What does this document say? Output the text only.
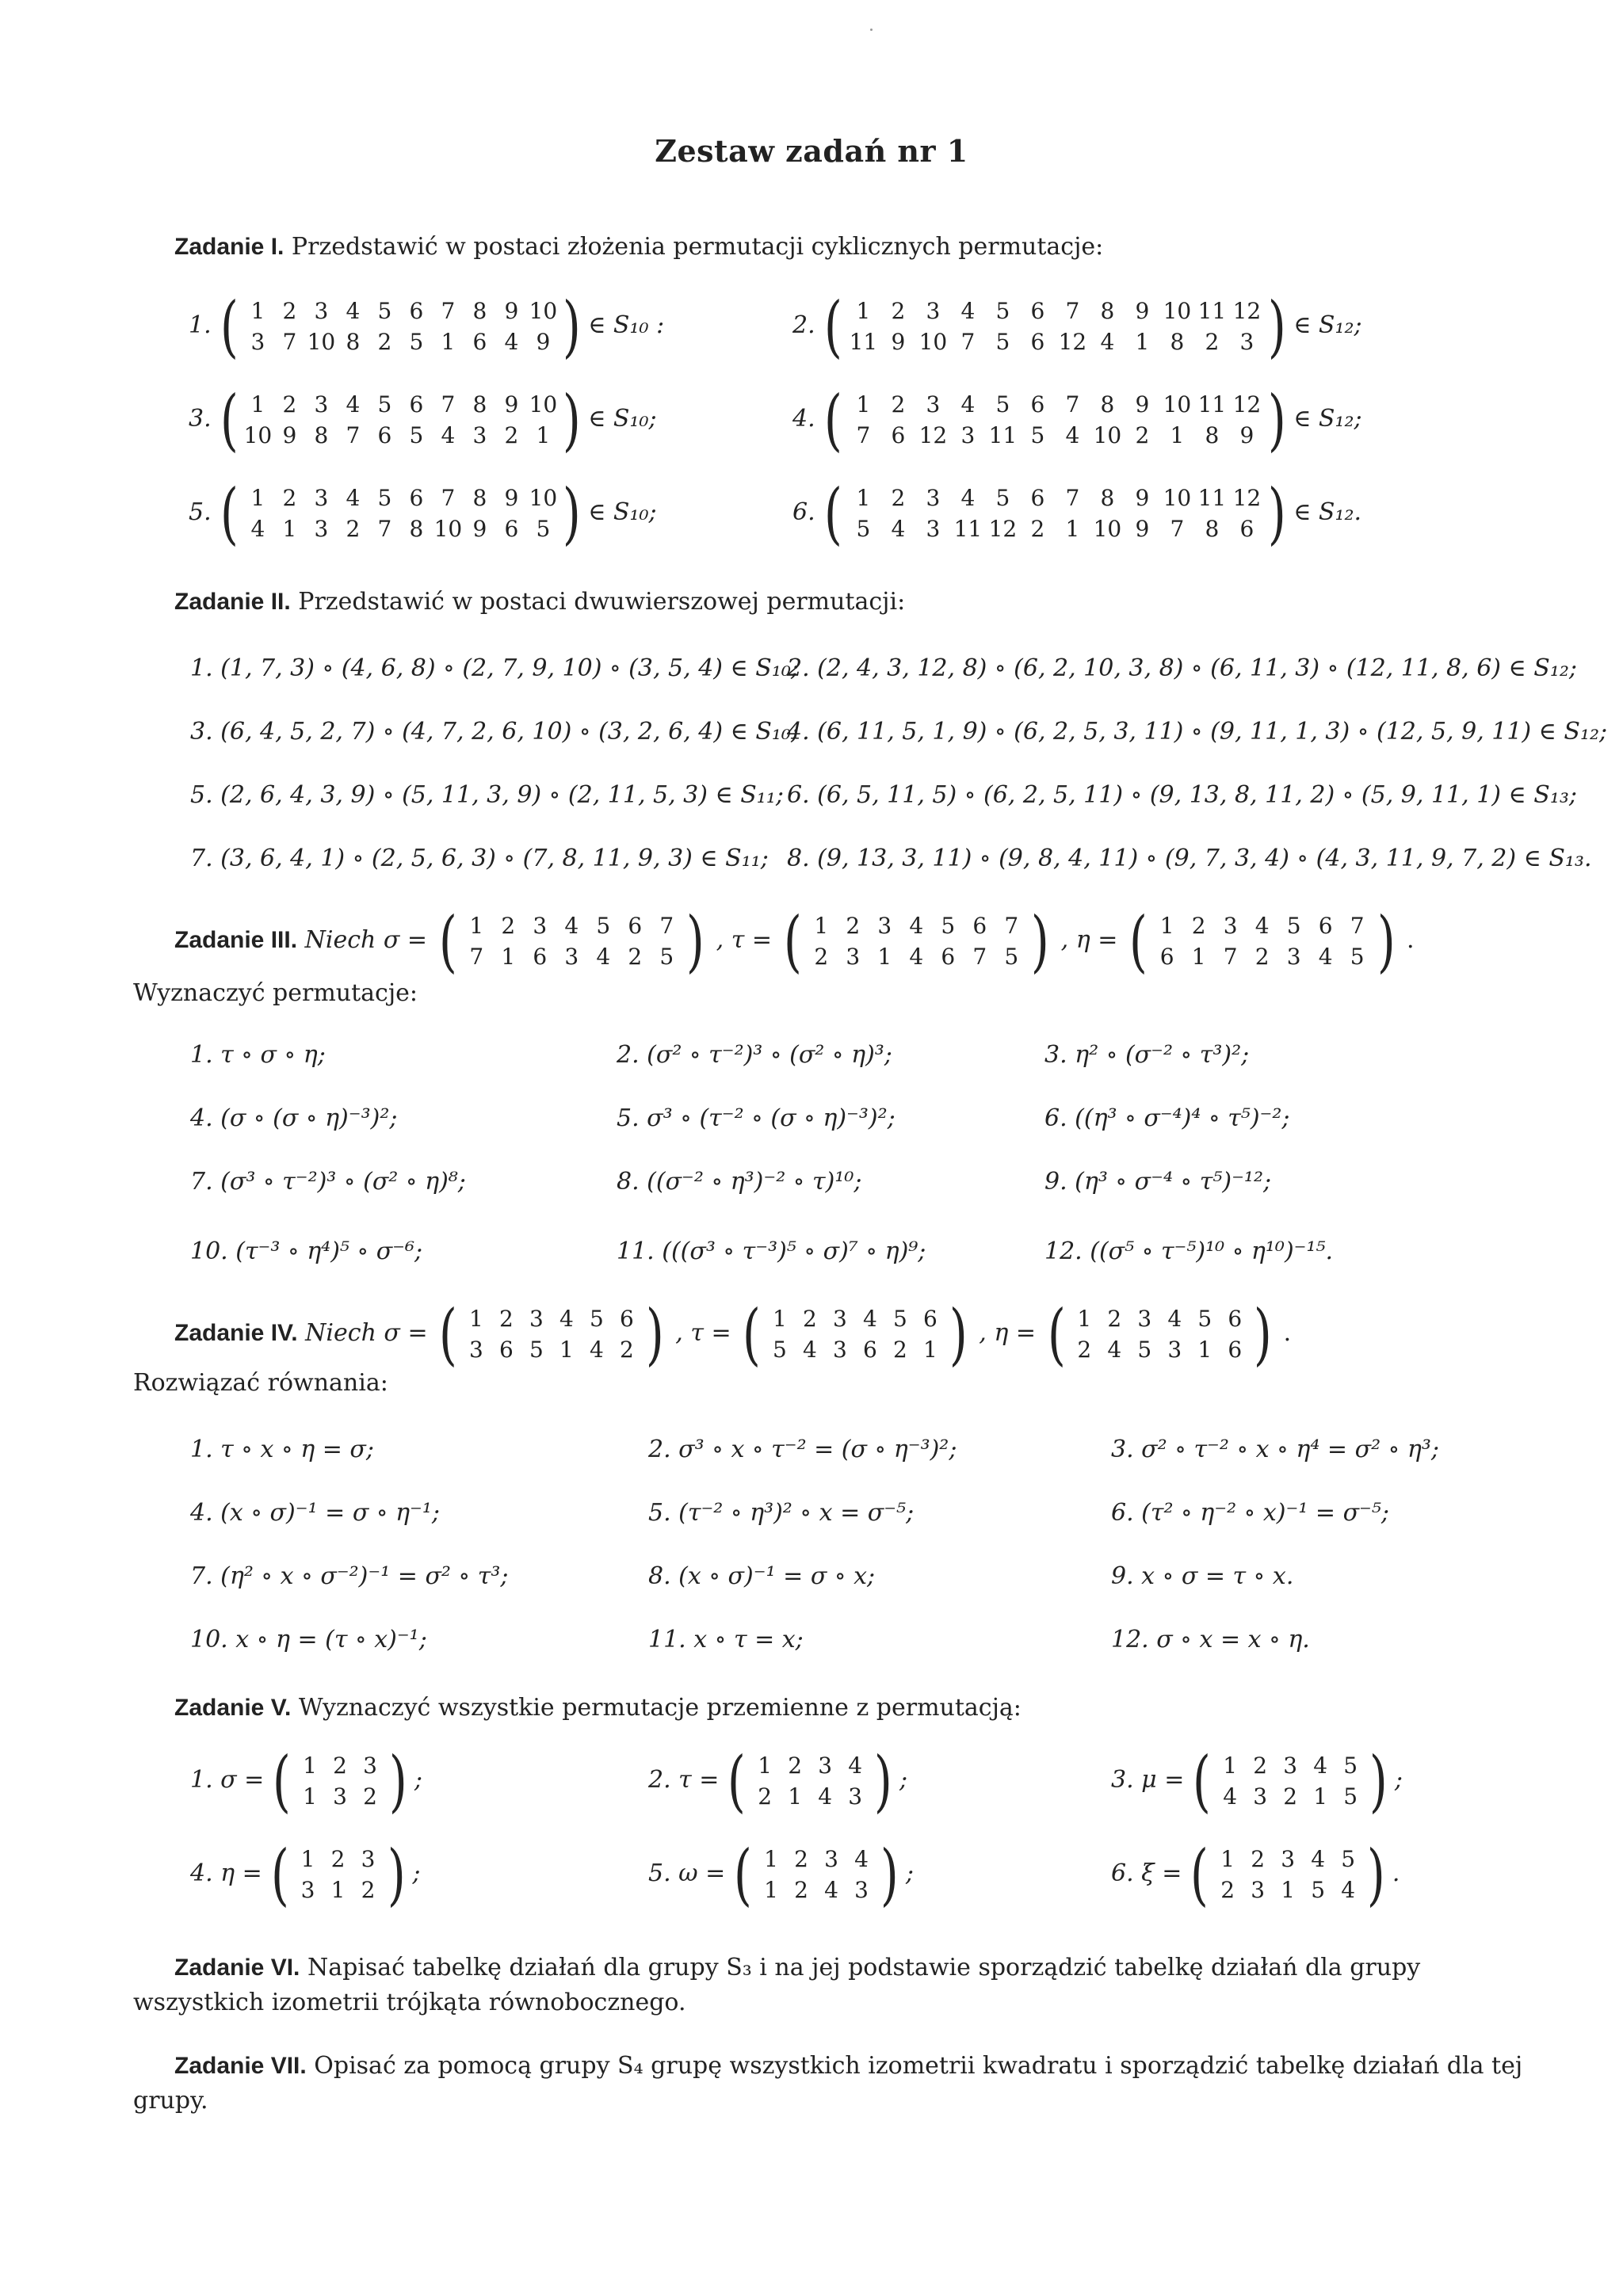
Zestaw zadań nr 1
Zadanie I. Przedstawić w postaci złożenia permutacji cyklicznych permutacje:
1. ( 1	2	3	4	5	6	7	8	9	10
3	7	10	8	2	5	1	6	4	9 ) ∈ S₁₀ :	2. ( 1	2	3	4	5	6	7	8	9	10	11	12
11	9	10	7	5	6	12	4	1	8	2	3 ) ∈ S₁₂;
3. ( 1	2	3	4	5	6	7	8	9	10
10	9	8	7	6	5	4	3	2	1 ) ∈ S₁₀;	4. ( 1	2	3	4	5	6	7	8	9	10	11	12
7	6	12	3	11	5	4	10	2	1	8	9 ) ∈ S₁₂;
5. ( 1	2	3	4	5	6	7	8	9	10
4	1	3	2	7	8	10	9	6	5 ) ∈ S₁₀;	6. ( 1	2	3	4	5	6	7	8	9	10	11	12
5	4	3	11	12	2	1	10	9	7	8	6 ) ∈ S₁₂.
Zadanie II. Przedstawić w postaci dwuwierszowej permutacji:
1. (1, 7, 3) ∘ (4, 6, 8) ∘ (2, 7, 9, 10) ∘ (3, 5, 4) ∈ S₁₀;
2. (2, 4, 3, 12, 8) ∘ (6, 2, 10, 3, 8) ∘ (6, 11, 3) ∘ (12, 11, 8, 6) ∈ S₁₂;
3. (6, 4, 5, 2, 7) ∘ (4, 7, 2, 6, 10) ∘ (3, 2, 6, 4) ∈ S₁₀;
4. (6, 11, 5, 1, 9) ∘ (6, 2, 5, 3, 11) ∘ (9, 11, 1, 3) ∘ (12, 5, 9, 11) ∈ S₁₂;
5. (2, 6, 4, 3, 9) ∘ (5, 11, 3, 9) ∘ (2, 11, 5, 3) ∈ S₁₁; 6. (6, 5, 11, 5) ∘ (6, 2, 5, 11) ∘ (9, 13, 8, 11, 2) ∘ (5, 9, 11, 1) ∈ S₁₃;
7. (3, 6, 4, 1) ∘ (2, 5, 6, 3) ∘ (7, 8, 11, 9, 3) ∈ S₁₁; 8. (9, 13, 3, 11) ∘ (9, 8, 4, 11) ∘ (9, 7, 3, 4) ∘ (4, 3, 11, 9, 7, 2) ∈ S₁₃.
Zadanie III. Niech σ = ( 1	2	3	4	5	6	7
7	1	6	3	4	2	5 ) , τ = ( 1	2	3	4	5	6	7
2	3	1	4	6	7	5 ) , η = ( 1	2	3	4	5	6	7
6	1	7	2	3	4	5 ) .
Wyznaczyć permutacje:
1. τ ∘ σ ∘ η;	2. (σ² ∘ τ⁻²)³ ∘ (σ² ∘ η)³;	3. η² ∘ (σ⁻² ∘ τ³)²;
4. (σ ∘ (σ ∘ η)⁻³)²;	5. σ³ ∘ (τ⁻² ∘ (σ ∘ η)⁻³)²;	6. ((η³ ∘ σ⁻⁴)⁴ ∘ τ⁵)⁻²;
7. (σ³ ∘ τ⁻²)³ ∘ (σ² ∘ η)⁸;	8. ((σ⁻² ∘ η³)⁻² ∘ τ)¹⁰;	9. (η³ ∘ σ⁻⁴ ∘ τ⁵)⁻¹²;
10. (τ⁻³ ∘ η⁴)⁵ ∘ σ⁻⁶;	11. (((σ³ ∘ τ⁻³)⁵ ∘ σ)⁷ ∘ η)⁹;	12. ((σ⁵ ∘ τ⁻⁵)¹⁰ ∘ η¹⁰)⁻¹⁵.
Zadanie IV. Niech σ = ( 1	2	3	4	5	6
3	6	5	1	4	2 ) , τ = ( 1	2	3	4	5	6
5	4	3	6	2	1 ) , η = ( 1	2	3	4	5	6
2	4	5	3	1	6 ) .
Rozwiązać równania:
1. τ ∘ x ∘ η = σ;	2. σ³ ∘ x ∘ τ⁻² = (σ ∘ η⁻³)²;	3. σ² ∘ τ⁻² ∘ x ∘ η⁴ = σ² ∘ η³;
4. (x ∘ σ)⁻¹ = σ ∘ η⁻¹;	5. (τ⁻² ∘ η³)² ∘ x = σ⁻⁵;	6. (τ² ∘ η⁻² ∘ x)⁻¹ = σ⁻⁵;
7. (η² ∘ x ∘ σ⁻²)⁻¹ = σ² ∘ τ³;	8. (x ∘ σ)⁻¹ = σ ∘ x;	9. x ∘ σ = τ ∘ x.
10. x ∘ η = (τ ∘ x)⁻¹;	11. x ∘ τ = x;	12. σ ∘ x = x ∘ η.
Zadanie V. Wyznaczyć wszystkie permutacje przemienne z permutacją:
1. σ = ( 1	2	3
1	3	2 ) ;	2. τ = ( 1	2	3	4
2	1	4	3 ) ;	3. μ = ( 1	2	3	4	5
4	3	2	1	5 ) ;
4. η = ( 1	2	3
3	1	2 ) ;	5. ω = ( 1	2	3	4
1	2	4	3 ) ;	6. ξ = ( 1	2	3	4	5
2	3	1	5	4 ) .
Zadanie VI. Napisać tabelkę działań dla grupy S₃ i na jej podstawie sporządzić tabelkę działań dla grupy wszystkich izometrii trójkąta równobocznego.
Zadanie VII. Opisać za pomocą grupy S₄ grupę wszystkich izometrii kwadratu i sporządzić tabelkę działań dla tej grupy.
